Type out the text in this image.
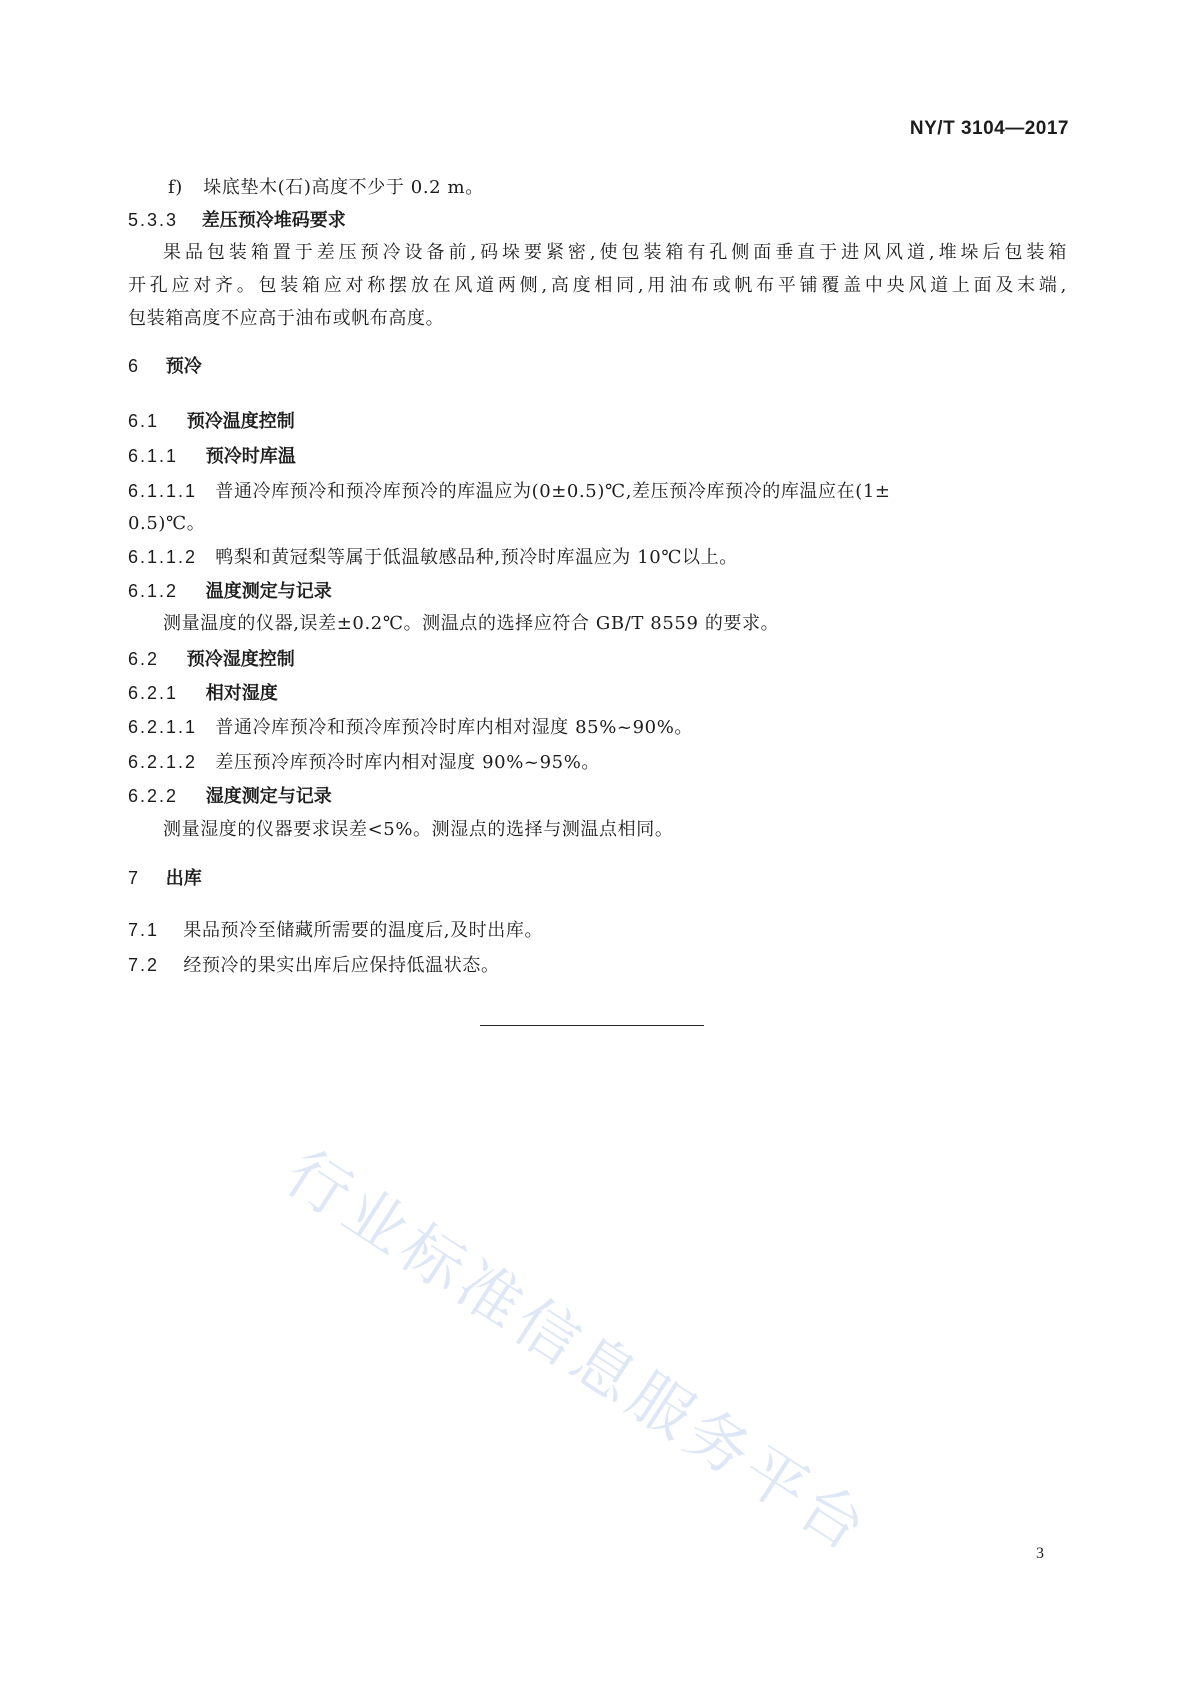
NY/T 3104—2017
f) 垛底垫木(石)高度不少于 0.2 m。
5.3.3 差压预冷堆码要求
果品包装箱置于差压预冷设备前,码垛要紧密,使包装箱有孔侧面垂直于进风风道,堆垛后包装箱
开孔应对齐。包装箱应对称摆放在风道两侧,高度相同,用油布或帆布平铺覆盖中央风道上面及末端,
包装箱高度不应高于油布或帆布高度。
6 预冷
6.1 预冷温度控制
6.1.1 预冷时库温
6.1.1.1 普通冷库预冷和预冷库预冷的库温应为(0±0.5)℃,差压预冷库预冷的库温应在(1±
0.5)℃。
6.1.1.2 鸭梨和黄冠梨等属于低温敏感品种,预冷时库温应为 10℃以上。
6.1.2 温度测定与记录
测量温度的仪器,误差±0.2℃。测温点的选择应符合 GB/T 8559 的要求。
6.2 预冷湿度控制
6.2.1 相对湿度
6.2.1.1 普通冷库预冷和预冷库预冷时库内相对湿度 85%~90%。
6.2.1.2 差压预冷库预冷时库内相对湿度 90%~95%。
6.2.2 湿度测定与记录
测量湿度的仪器要求误差<5%。测湿点的选择与测温点相同。
7 出库
7.1 果品预冷至储藏所需要的温度后,及时出库。
7.2 经预冷的果实出库后应保持低温状态。
行业标准信息服务平台	3
